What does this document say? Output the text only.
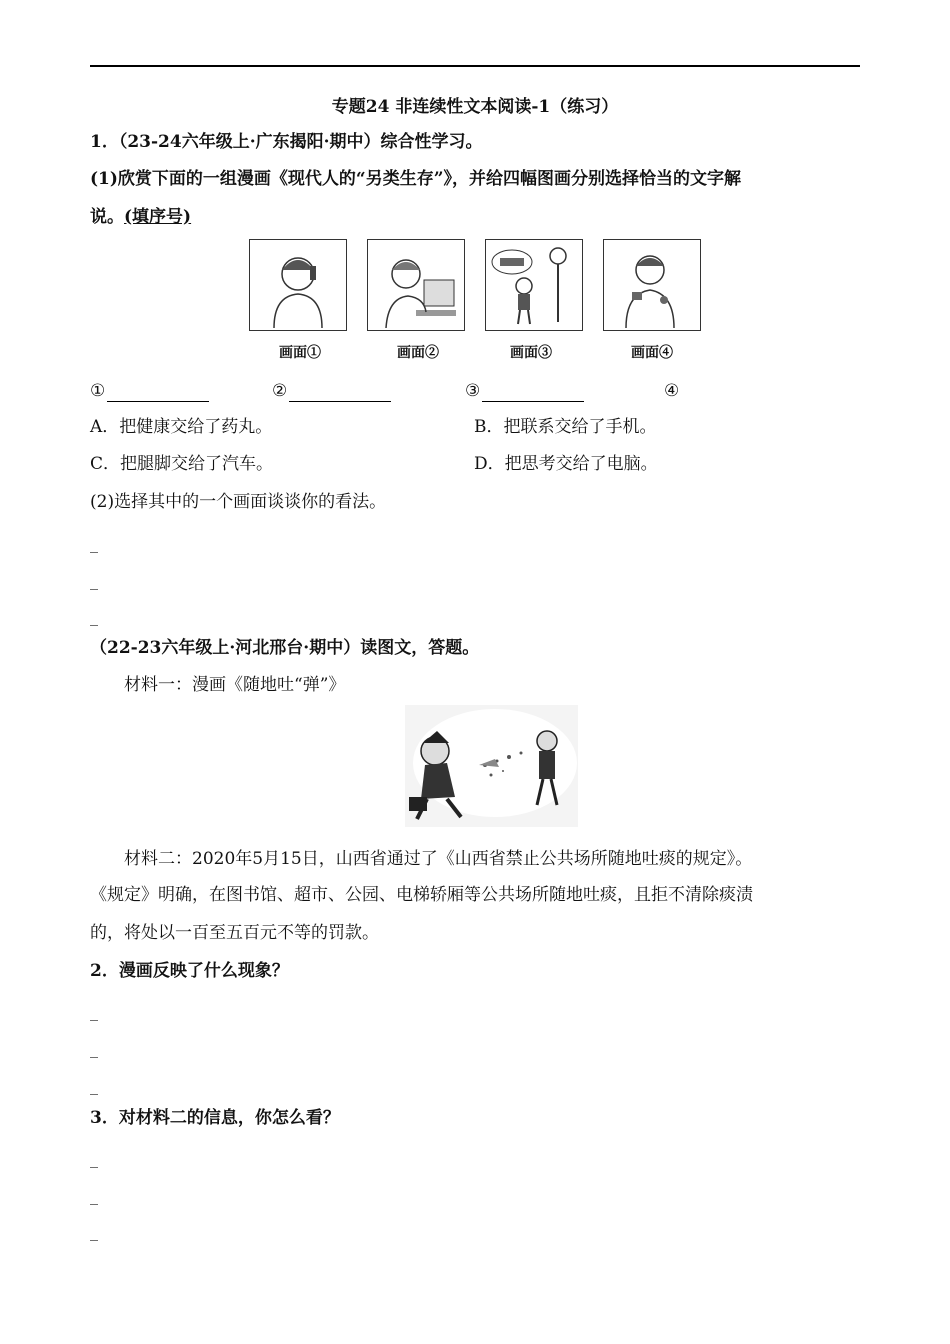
专题24 非连续性文本阅读-1（练习）
1．（23-24六年级上·广东揭阳·期中）综合性学习。
(1)欣赏下面的一组漫画《现代人的“另类生存”》，并给四幅图画分别选择恰当的文字解
说。(填序号)
画面①	画面②	画面③	画面④
①	②	③	④
A．把健康交给了药丸。	B．把联系交给了手机。
C．把腿脚交给了汽车。	D．把思考交给了电脑。
(2)选择其中的一个画面谈谈你的看法。
_
_
_
（22-23六年级上·河北邢台·期中）读图文，答题。
材料一：漫画《随地吐“弹”》
材料二：2020年5月15日，山西省通过了《山西省禁止公共场所随地吐痰的规定》。
《规定》明确，在图书馆、超市、公园、电梯轿厢等公共场所随地吐痰，且拒不清除痰渍
的，将处以一百至五百元不等的罚款。
2．漫画反映了什么现象？
_
_
_
3．对材料二的信息，你怎么看？
_
_
_
